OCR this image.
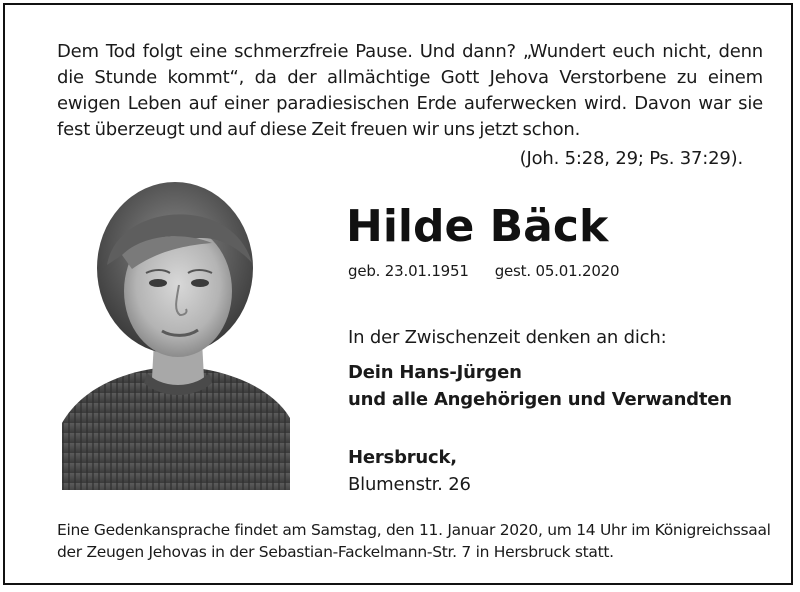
Dem Tod folgt eine schmerzfreie Pause. Und dann? „Wundert euch nicht, denn
die Stunde kommt“, da der allmächtige Gott Jehova Verstorbene zu einem
ewigen Leben auf einer paradiesischen Erde auferwecken wird. Davon war sie
fest überzeugt und auf diese Zeit freuen wir uns jetzt schon.
(Joh. 5:28, 29; Ps. 37:29).
Hilde Bäck
geb. 23.01.1951 gest. 05.01.2020
In der Zwischenzeit denken an dich:
Dein Hans-Jürgen
und alle Angehörigen und Verwandten
Hersbruck,
Blumenstr. 26
Eine Gedenkansprache findet am Samstag, den 11. Januar 2020, um 14 Uhr im Königreichssaal
der Zeugen Jehovas in der Sebastian-Fackelmann-Str. 7 in Hersbruck statt.
